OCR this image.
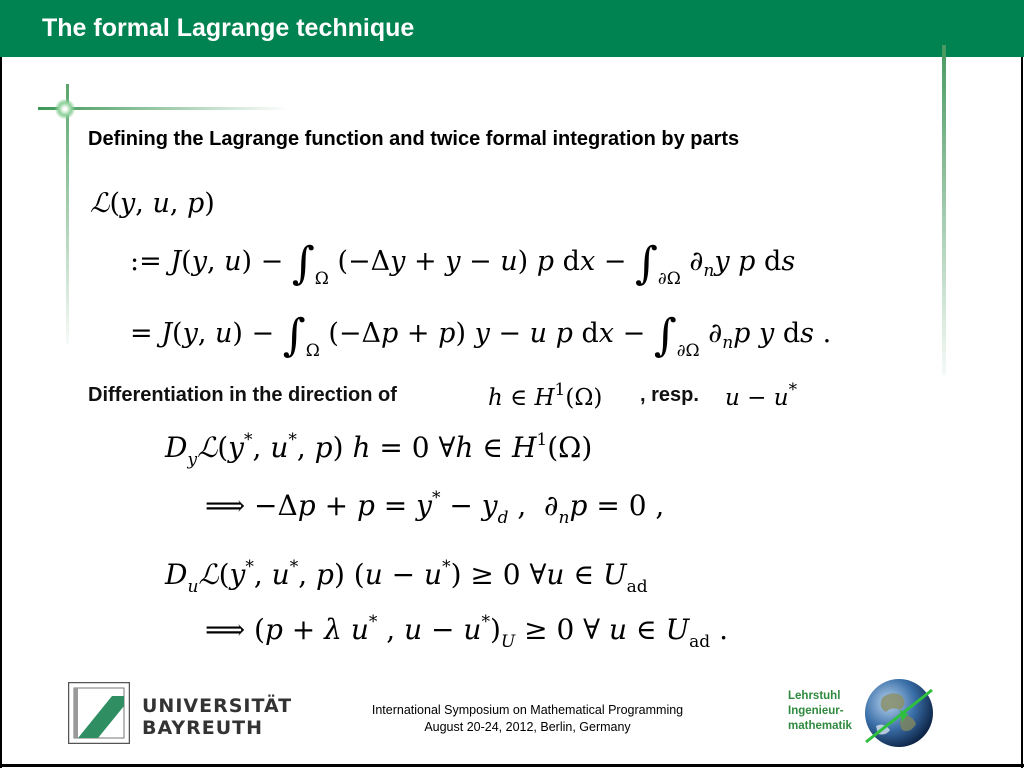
The formal Lagrange technique
Defining the Lagrange function and twice formal integration by parts
ℒ(y, u, p)
:= J(y, $u) - \int_\Omega$ (−Δy + y − u) p dx − $\int_{\partial\Omega}$ $\partial_ny$ p ds
= J(y, $u) - \int_\Omega$ (−Δp + p) y − u p dx − $\int_{\partial\Omega}$ $\partial_np$ y ds .
Differentiation in the direction of	h ∈ $H^1(\Omega)$ , resp. u − u*
$D_yℒ(y^*$, u*, p) h = 0 ∀h ∈ $H^1(\Omega)$
⟹ $-\Delta p + p = y^* - y_d$ ,  $\partial_np = 0$ ,
$D_uℒ(y^*$, u*, p) (u − u*) ≥ 0 ∀u ∈ $U_{ad}$
⟹ (p + λ u* , $u - u^*)_U \ge 0$ ∀ u ∈ $U_{ad}$ .
UNIVERSITÄT
BAYREUTH
International Symposium on Mathematical Programming
August 20-24, 2012, Berlin, Germany
Lehrstuhl
Ingenieur-
mathematik
